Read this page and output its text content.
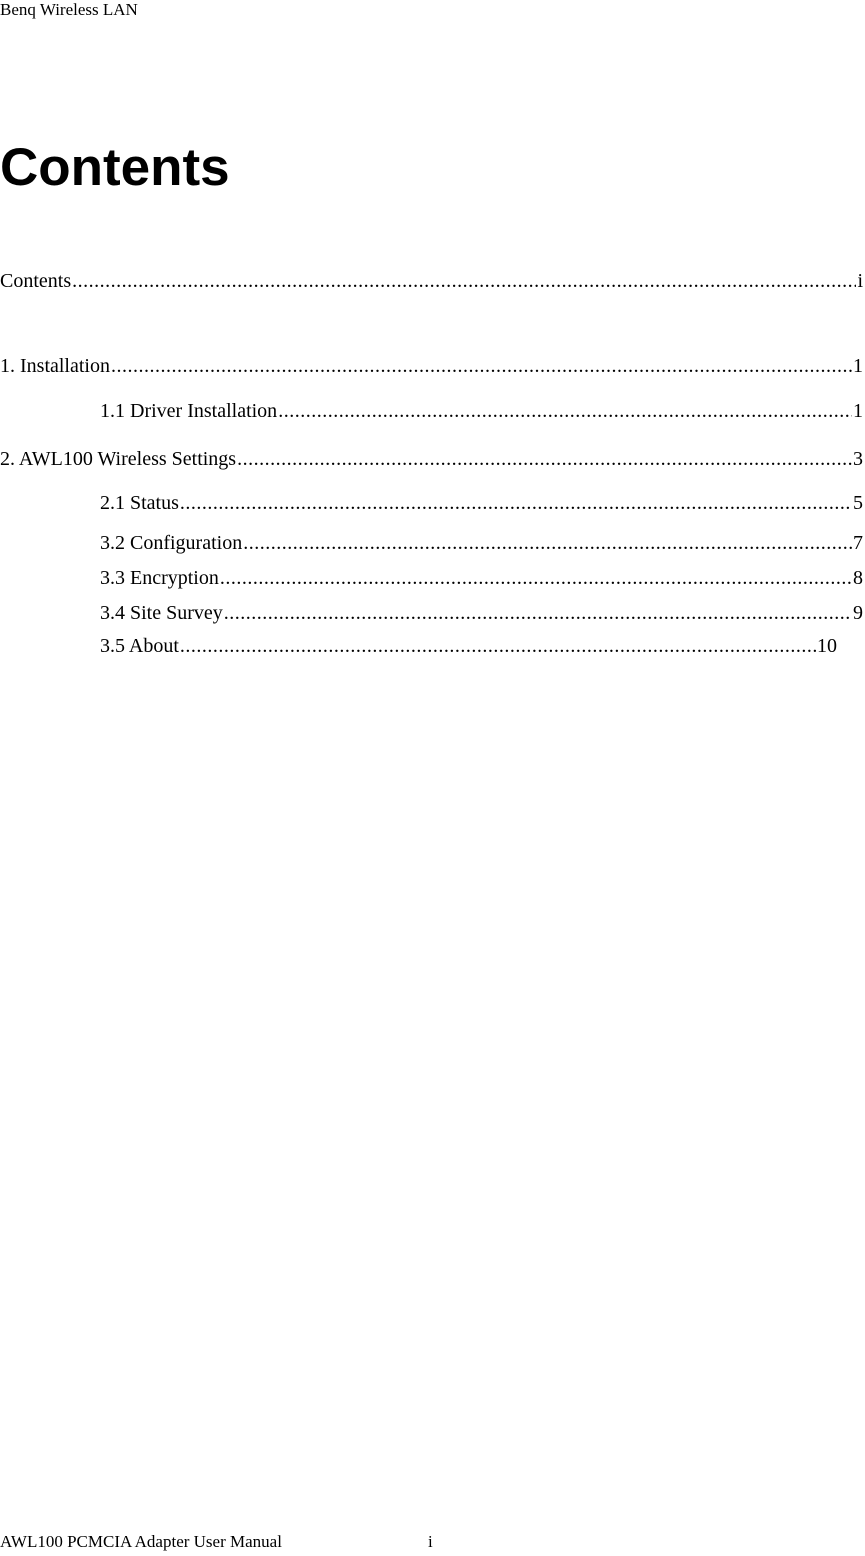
Benq Wireless LAN
Contents
Contents .....	i
1. Installation .....	1
1.1 Driver Installation .....	1
2. AWL100 Wireless Settings .....	3
2.1 Status .....	5
3.2 Configuration .....	7
3.3 Encryption .....	8
3.4 Site Survey .....	9
3.5 About .....	10
AWL100 PCMCIA Adapter User Manual	i
